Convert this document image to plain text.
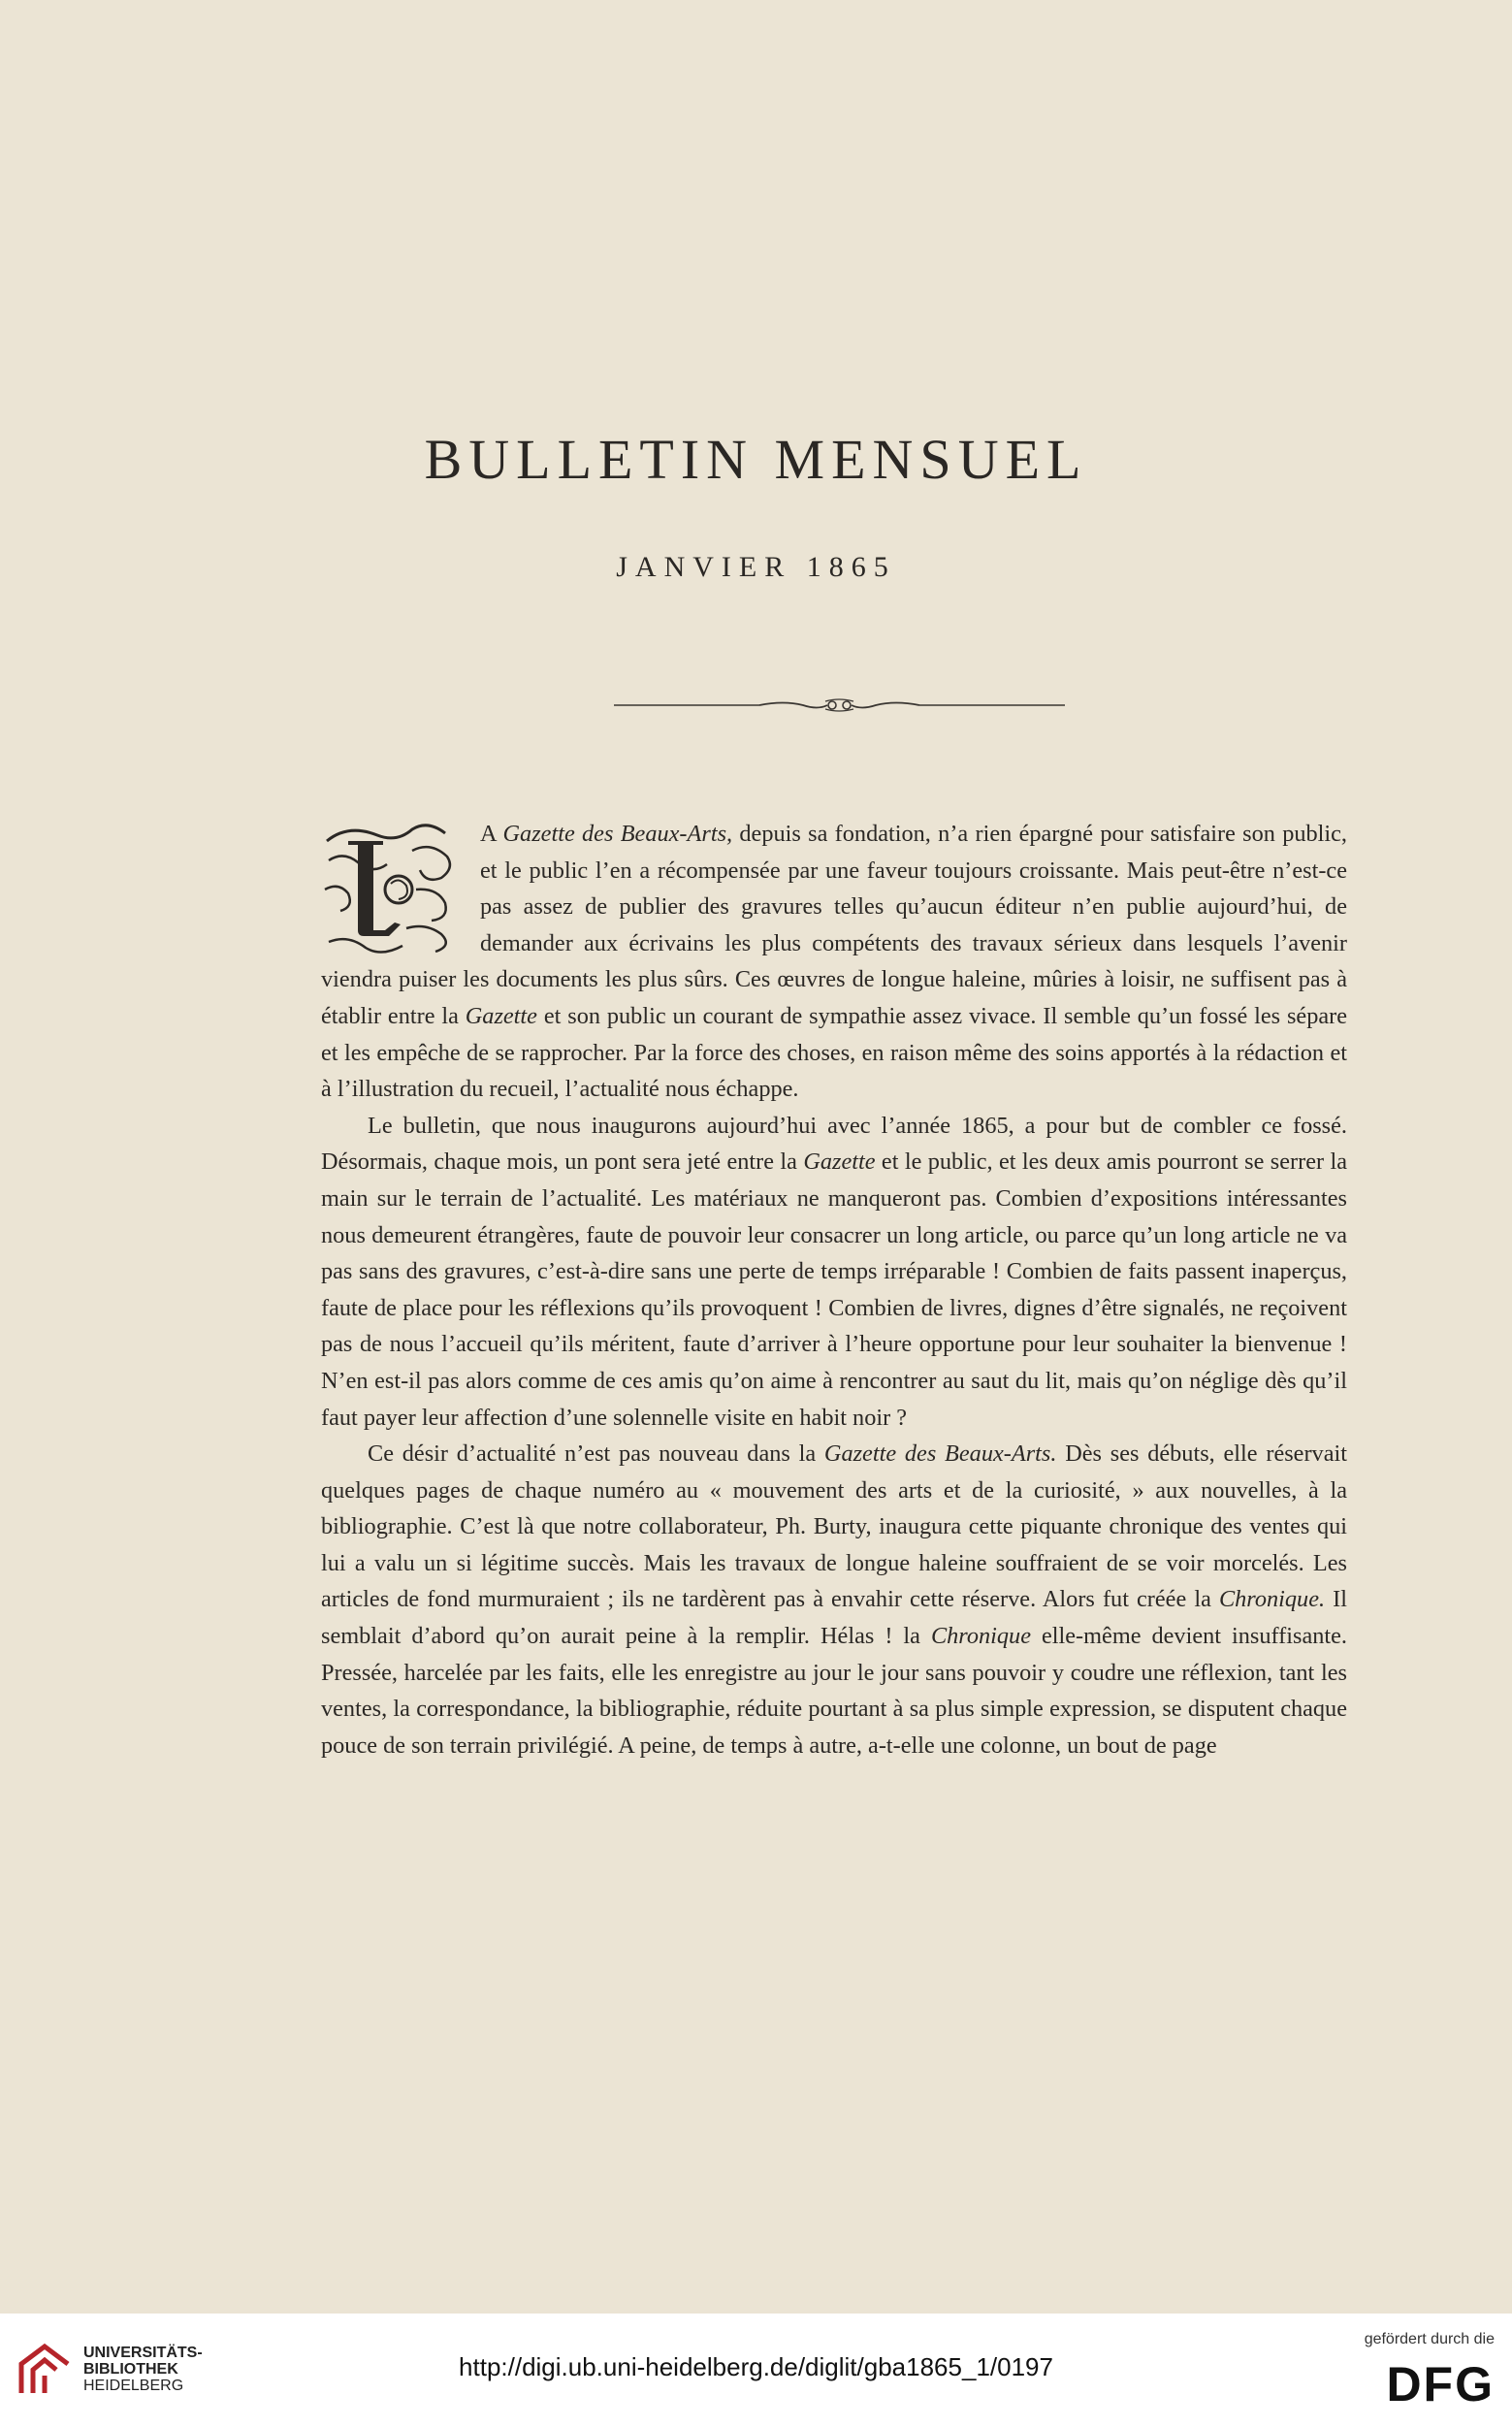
BULLETIN MENSUEL
JANVIER 1865

A Gazette des Beaux-Arts, depuis sa fondation, n’a rien épargné pour satisfaire son public, et le public l’en a récompensée par une faveur toujours croissante. Mais peut-être n’est-ce pas assez de publier des gravures telles qu’aucun éditeur n’en publie aujourd’hui, de demander aux écrivains les plus compétents des travaux sérieux dans lesquels l’avenir viendra puiser les documents les plus sûrs. Ces œuvres de longue haleine, mûries à loisir, ne suffisent pas à établir entre la Gazette et son public un courant de sympathie assez vivace. Il semble qu’un fossé les sépare et les empêche de se rapprocher. Par la force des choses, en raison même des soins apportés à la rédaction et à l’illustration du recueil, l’actualité nous échappe.

Le bulletin, que nous inaugurons aujourd’hui avec l’année 1865, a pour but de combler ce fossé. Désormais, chaque mois, un pont sera jeté entre la Gazette et le public, et les deux amis pourront se serrer la main sur le terrain de l’actualité. Les matériaux ne manqueront pas. Combien d’expositions intéressantes nous demeurent étrangères, faute de pouvoir leur consacrer un long article, ou parce qu’un long article ne va pas sans des gravures, c’est-à-dire sans une perte de temps irréparable ! Combien de faits passent inaperçus, faute de place pour les réflexions qu’ils provoquent ! Combien de livres, dignes d’être signalés, ne reçoivent pas de nous l’accueil qu’ils méritent, faute d’arriver à l’heure opportune pour leur souhaiter la bienvenue ! N’en est-il pas alors comme de ces amis qu’on aime à rencontrer au saut du lit, mais qu’on néglige dès qu’il faut payer leur affection d’une solennelle visite en habit noir ?

Ce désir d’actualité n’est pas nouveau dans la Gazette des Beaux-Arts. Dès ses débuts, elle réservait quelques pages de chaque numéro au « mouvement des arts et de la curiosité, » aux nouvelles, à la bibliographie. C’est là que notre collaborateur, Ph. Burty, inaugura cette piquante chronique des ventes qui lui a valu un si légitime succès. Mais les travaux de longue haleine souffraient de se voir morcelés. Les articles de fond murmuraient ; ils ne tardèrent pas à envahir cette réserve. Alors fut créée la Chronique. Il semblait d’abord qu’on aurait peine à la remplir. Hélas ! la Chronique elle-même devient insuffisante. Pressée, harcelée par les faits, elle les enregistre au jour le jour sans pouvoir y coudre une réflexion, tant les ventes, la correspondance, la bibliographie, réduite pourtant à sa plus simple expression, se disputent chaque pouce de son terrain privilégié. A peine, de temps à autre, a-t-elle une colonne, un bout de page

UNIVERSITÄTS-
BIBLIOTHEK
HEIDELBERG
http://digi.ub.uni-heidelberg.de/diglit/gba1865_1/0197
gefördert durch die
DFG
